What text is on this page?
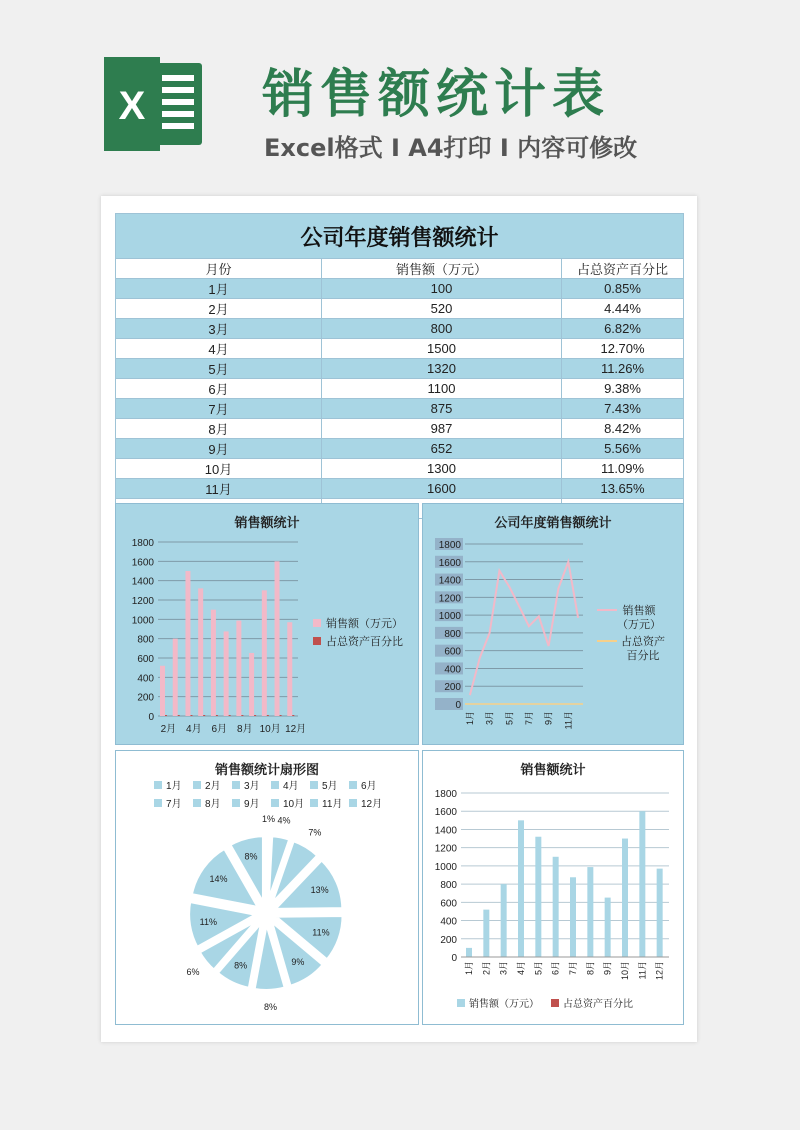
X 销售额统计表
Excel格式 I A4打印 I 内容可修改
公司年度销售额统计		
月份	销售额（万元）	占总资产百分比
1月	100	0.85%
2月	520	4.44%
3月	800	6.82%
4月	1500	12.70%
5月	1320	11.26%
6月	1100	9.38%
7月	875	7.43%
8月	987	8.42%
9月	652	5.56%
10月	1300	11.09%
11月	1600	13.65%

销售额统计
0
200
400
600
800
1000
1200
1400
1600
1800
2月 4月 6月 8月 10月 12月
销售额（万元）
占总资产百分比
公司年度销售额统计
0
200
400
600
800
1000
1200
1400
1600
1800
1月 3月 5月 7月 9月 11月
销售额
（万元）
占总资产
百分比
销售额统计扇形图
1月 2月 3月 4月 5月 6月
7月 8月 9月 10月 11月 12月
1% 4%
7%
13%
11%
9%
8%
8%
6%
11%
14%
8%
销售额统计
0
200
400
600
800
1000
1200
1400
1600
1800
1月 2月 3月 4月 5月 6月 7月 8月 9月 10月 11月 12月
销售额（万元） 占总资产百分比
